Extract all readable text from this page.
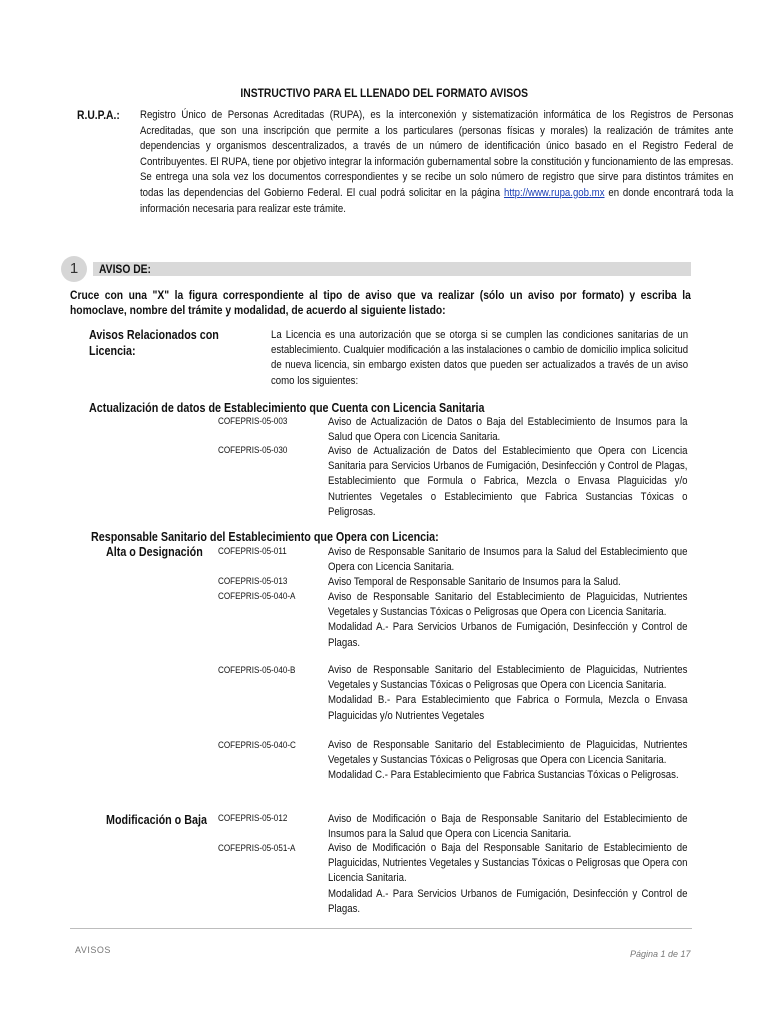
INSTRUCTIVO PARA EL LLENADO DEL FORMATO AVISOS
R.U.P.A.:	Registro Único de Personas Acreditadas (RUPA), es la interconexión y sistematización informática de los Registros de Personas Acreditadas, que son una inscripción que permite a los particulares (personas físicas y morales) la realización de trámites ante dependencias y organismos descentralizados, a través de un número de identificación único basado en el Registro Federal de Contribuyentes. El RUPA, tiene por objetivo integrar la información gubernamental sobre la constitución y funcionamiento de las empresas. Se entrega una sola vez los documentos correspondientes y se recibe un solo número de registro que sirve para distintos trámites en todas las dependencias del Gobierno Federal. El cual podrá solicitar en la página http://www.rupa.gob.mx en donde encontrará toda la información necesaria para realizar este trámite.
1	AVISO DE:
Cruce con una "X" la figura correspondiente al tipo de aviso que va realizar (sólo un aviso por formato) y escriba la homoclave, nombre del trámite y modalidad, de acuerdo al siguiente listado:
Avisos Relacionados con Licencia:
La Licencia es una autorización que se otorga si se cumplen las condiciones sanitarias de un establecimiento. Cualquier modificación a las instalaciones o cambio de domicilio implica solicitud de nueva licencia, sin embargo existen datos que pueden ser actualizados a través de un aviso como los siguientes:
Actualización de datos de Establecimiento que Cuenta con Licencia Sanitaria
COFEPRIS-05-003	Aviso de Actualización de Datos o Baja del Establecimiento de Insumos para la Salud que Opera con Licencia Sanitaria.

COFEPRIS-05-030	Aviso de Actualización de Datos del Establecimiento que Opera con Licencia Sanitaria para Servicios Urbanos de Fumigación, Desinfección y Control de Plagas, Establecimiento que Formula o Fabrica, Mezcla o Envasa Plaguicidas y/o Nutrientes Vegetales o Establecimiento que Fabrica Sustancias Tóxicas o Peligrosas.

Responsable Sanitario del Establecimiento que Opera con Licencia:
Alta o Designación COFEPRIS-05-011	Aviso de Responsable Sanitario de Insumos para la Salud del Establecimiento que Opera con Licencia Sanitaria.

COFEPRIS-05-013	Aviso Temporal de Responsable Sanitario de Insumos para la Salud.

COFEPRIS-05-040-A	Aviso de Responsable Sanitario del Establecimiento de Plaguicidas, Nutrientes Vegetales y Sustancias Tóxicas o Peligrosas que Opera con Licencia Sanitaria.

Modalidad A.- Para Servicios Urbanos de Fumigación, Desinfección y Control de Plagas.

COFEPRIS-05-040-B	Aviso de Responsable Sanitario del Establecimiento de Plaguicidas, Nutrientes Vegetales y Sustancias Tóxicas o Peligrosas que Opera con Licencia Sanitaria.

Modalidad B.- Para Establecimiento que Fabrica o Formula, Mezcla o Envasa Plaguicidas y/o Nutrientes Vegetales

COFEPRIS-05-040-C	Aviso de Responsable Sanitario del Establecimiento de Plaguicidas, Nutrientes Vegetales y Sustancias Tóxicas o Peligrosas que Opera con Licencia Sanitaria.

Modalidad C.- Para Establecimiento que Fabrica Sustancias Tóxicas o Peligrosas.

Modificación o Baja COFEPRIS-05-012	Aviso de Modificación o Baja de Responsable Sanitario del Establecimiento de Insumos para la Salud que Opera con Licencia Sanitaria.

COFEPRIS-05-051-A	Aviso de Modificación o Baja del Responsable Sanitario de Establecimiento de Plaguicidas, Nutrientes Vegetales y Sustancias Tóxicas o Peligrosas que Opera con Licencia Sanitaria.

Modalidad A.- Para Servicios Urbanos de Fumigación, Desinfección y Control de Plagas.

AVISOS	Página 1 de 17
